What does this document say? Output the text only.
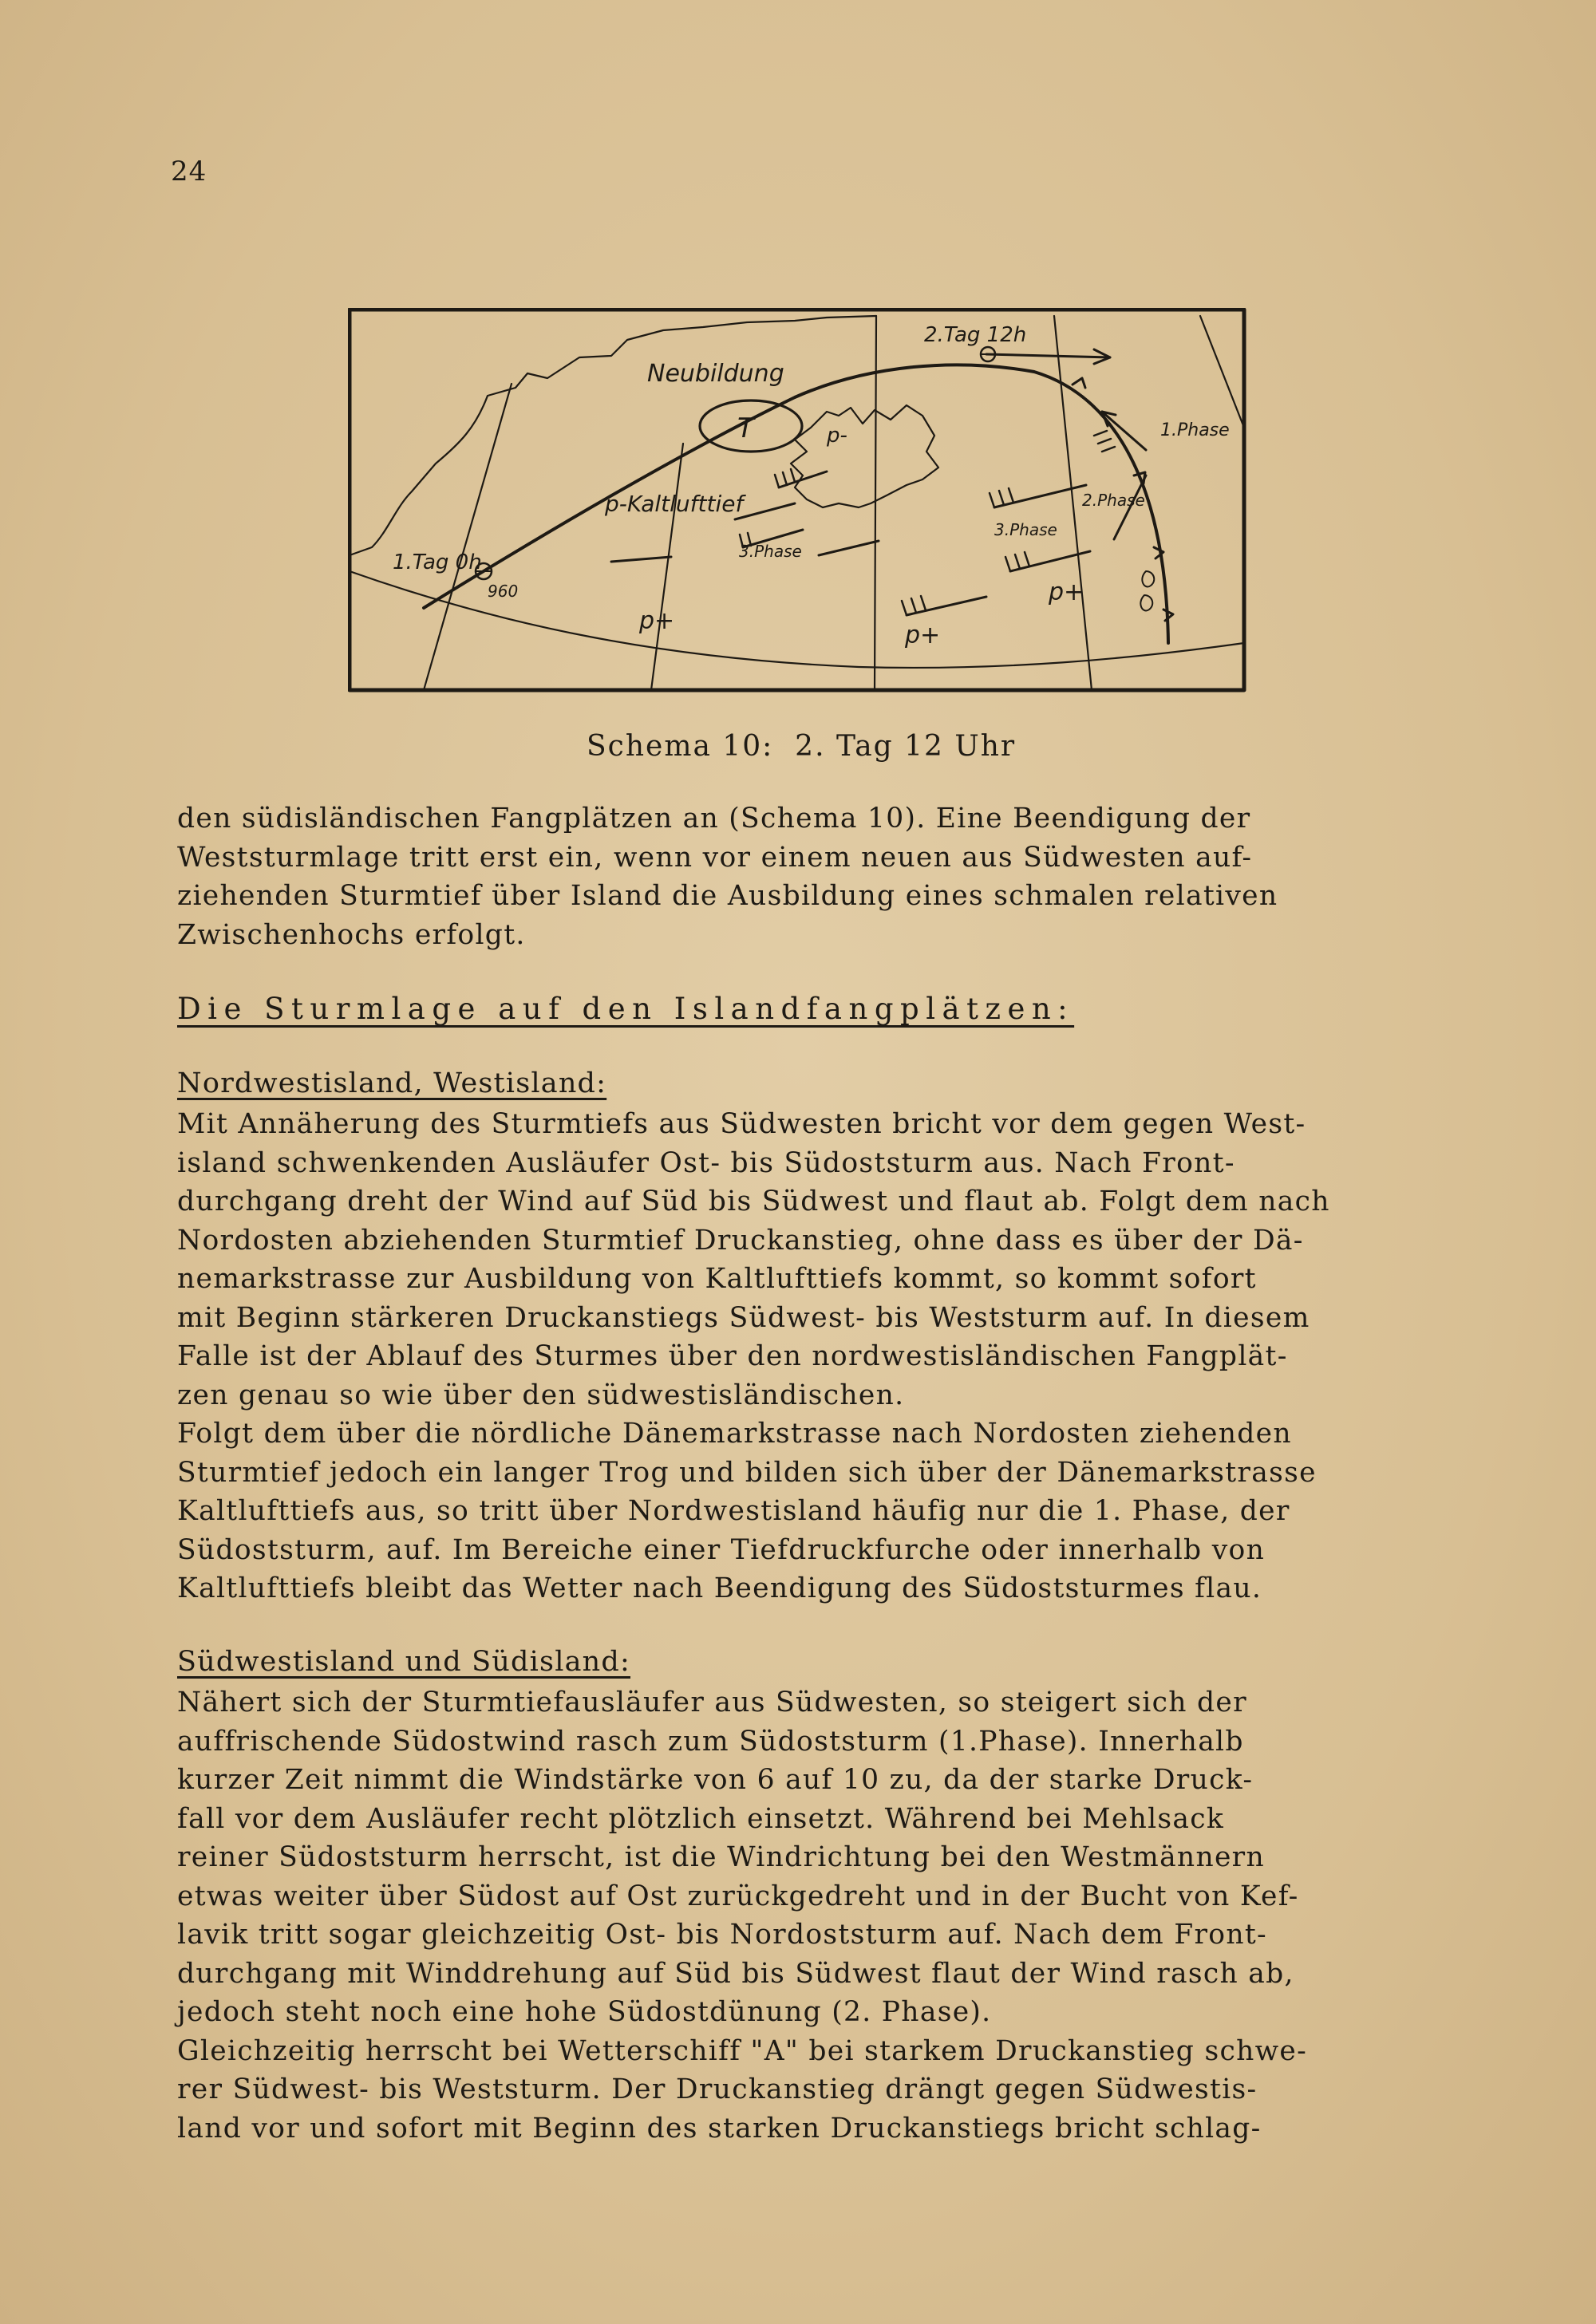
24
Neubildung
2.Tag 12h
1.Phase
2.Phase
3.Phase
3.Phase
p-Kaltlufttief
1.Tag 0h
960
T	p-
p+
p+
p+
Schema 10:  2. Tag 12 Uhr
den südisländischen Fangplätzen an (Schema 10). Eine Beendigung der
Weststurmlage tritt erst ein, wenn vor einem neuen aus Südwesten auf-
ziehenden Sturmtief über Island die Ausbildung eines schmalen relativen
Zwischenhochs erfolgt.
Die Sturmlage auf den Islandfangplätzen:
Nordwestisland, Westisland:
Mit Annäherung des Sturmtiefs aus Südwesten bricht vor dem gegen West-
island schwenkenden Ausläufer Ost- bis Südoststurm aus. Nach Front-
durchgang dreht der Wind auf Süd bis Südwest und flaut ab. Folgt dem nach
Nordosten abziehenden Sturmtief Druckanstieg, ohne dass es über der Dä-
nemarkstrasse zur Ausbildung von Kaltlufttiefs kommt, so kommt sofort
mit Beginn stärkeren Druckanstiegs Südwest- bis Weststurm auf. In diesem
Falle ist der Ablauf des Sturmes über den nordwestisländischen Fangplät-
zen genau so wie über den südwestisländischen.
Folgt dem über die nördliche Dänemarkstrasse nach Nordosten ziehenden
Sturmtief jedoch ein langer Trog und bilden sich über der Dänemarkstrasse
Kaltlufttiefs aus, so tritt über Nordwestisland häufig nur die 1. Phase, der
Südoststurm, auf. Im Bereiche einer Tiefdruckfurche oder innerhalb von
Kaltlufttiefs bleibt das Wetter nach Beendigung des Südoststurmes flau.
Südwestisland und Südisland:
Nähert sich der Sturmtiefausläufer aus Südwesten, so steigert sich der
auffrischende Südostwind rasch zum Südoststurm (1.Phase). Innerhalb
kurzer Zeit nimmt die Windstärke von 6 auf 10 zu, da der starke Druck-
fall vor dem Ausläufer recht plötzlich einsetzt. Während bei Mehlsack
reiner Südoststurm herrscht, ist die Windrichtung bei den Westmännern
etwas weiter über Südost auf Ost zurückgedreht und in der Bucht von Kef-
lavik tritt sogar gleichzeitig Ost- bis Nordoststurm auf. Nach dem Front-
durchgang mit Winddrehung auf Süd bis Südwest flaut der Wind rasch ab,
jedoch steht noch eine hohe Südostdünung (2. Phase).
Gleichzeitig herrscht bei Wetterschiff "A" bei starkem Druckanstieg schwe-
rer Südwest- bis Weststurm. Der Druckanstieg drängt gegen Südwestis-
land vor und sofort mit Beginn des starken Druckanstiegs bricht schlag-
